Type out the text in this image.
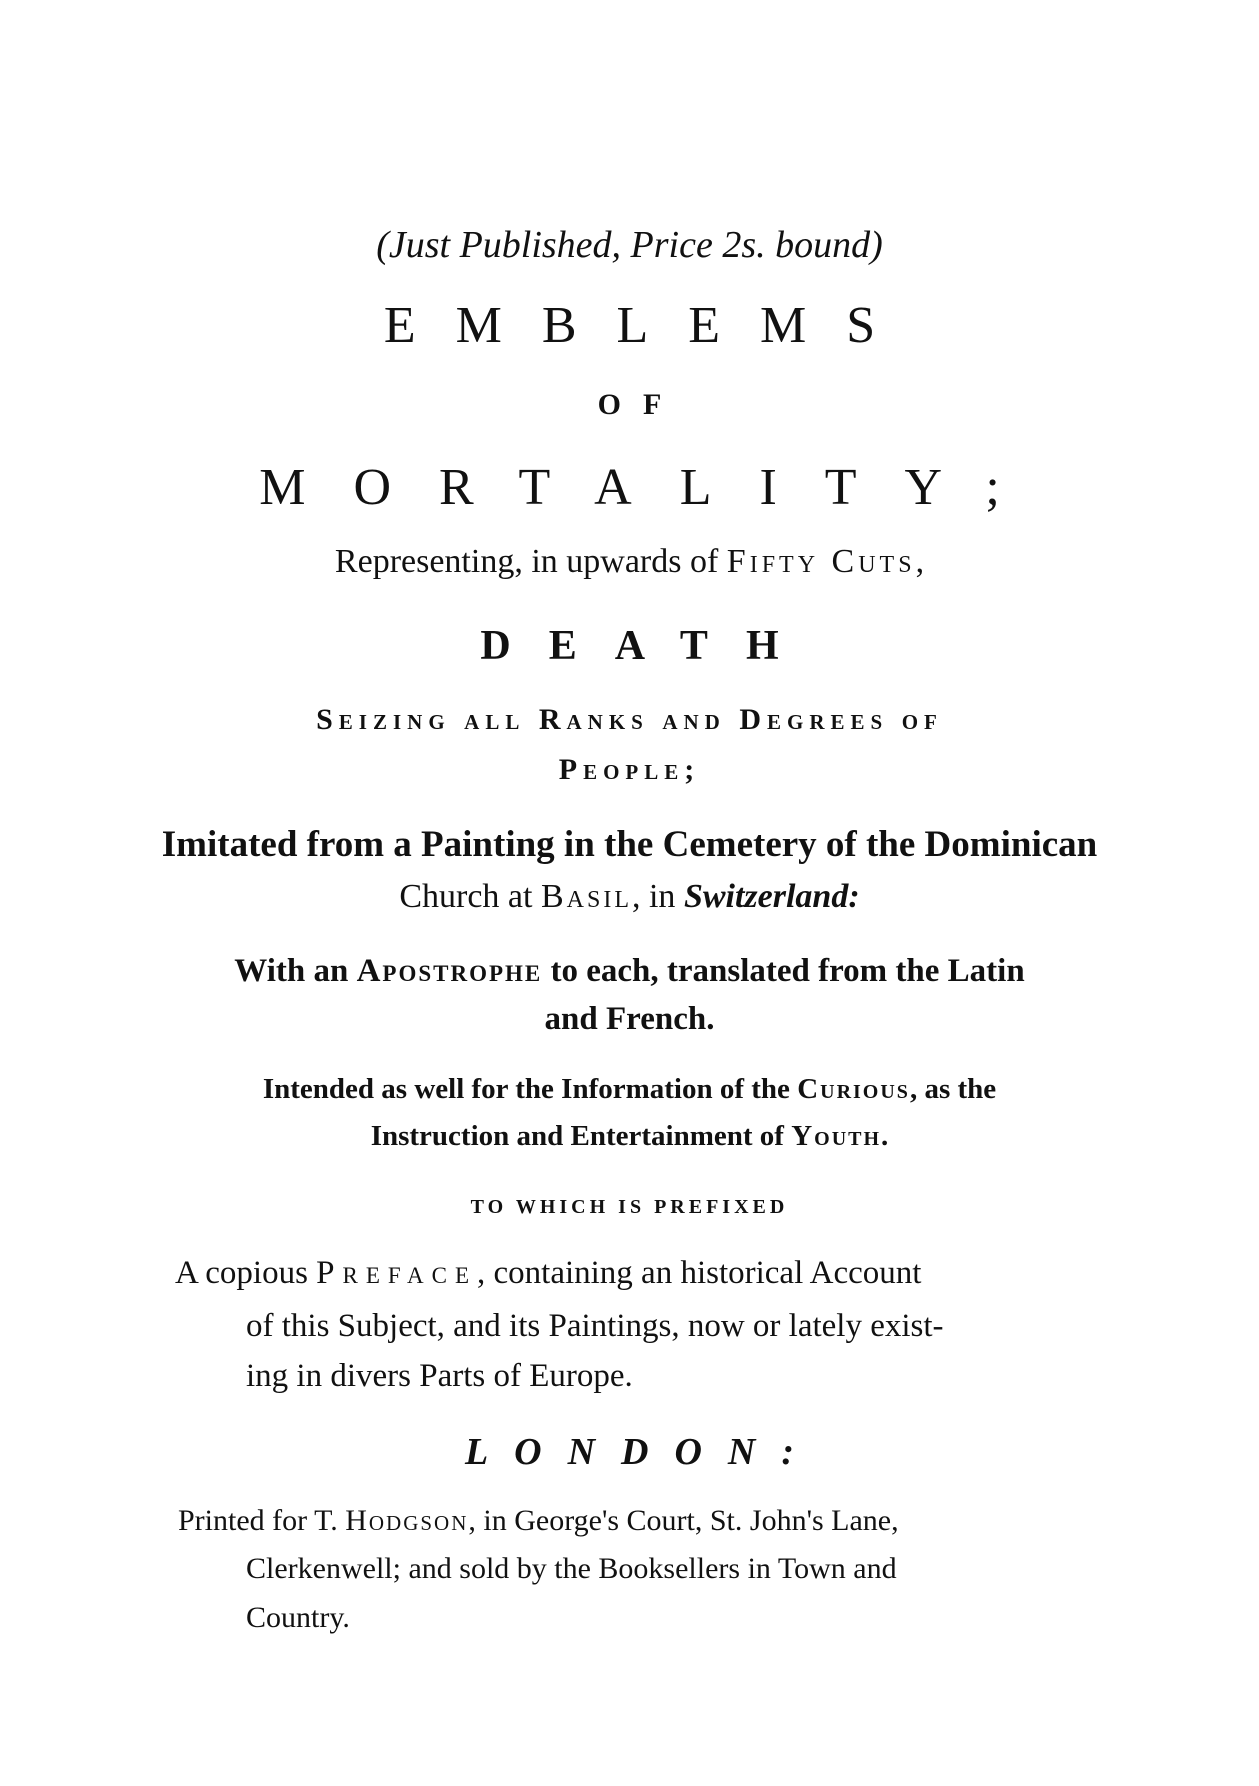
(Just Published, Price 2s. bound)
EMBLEMS
OF
MORTALITY;
Representing, in upwards of Fifty Cuts,
DEATH
Seizing all Ranks and Degrees of
People;
Imitated from a Painting in the Cemetery of the Dominican
Church at Basil, in Switzerland:
With an Apostrophe to each, translated from the Latin
and French.
Intended as well for the Information of the Curious, as the
Instruction and Entertainment of Youth.
TO WHICH IS PREFIXED
A copious Preface, containing an historical Account
of this Subject, and its Paintings, now or lately exist-
ing in divers Parts of Europe.
LONDON:
Printed for T. Hodgson, in George's Court, St. John's Lane,
Clerkenwell; and sold by the Booksellers in Town and
Country.
